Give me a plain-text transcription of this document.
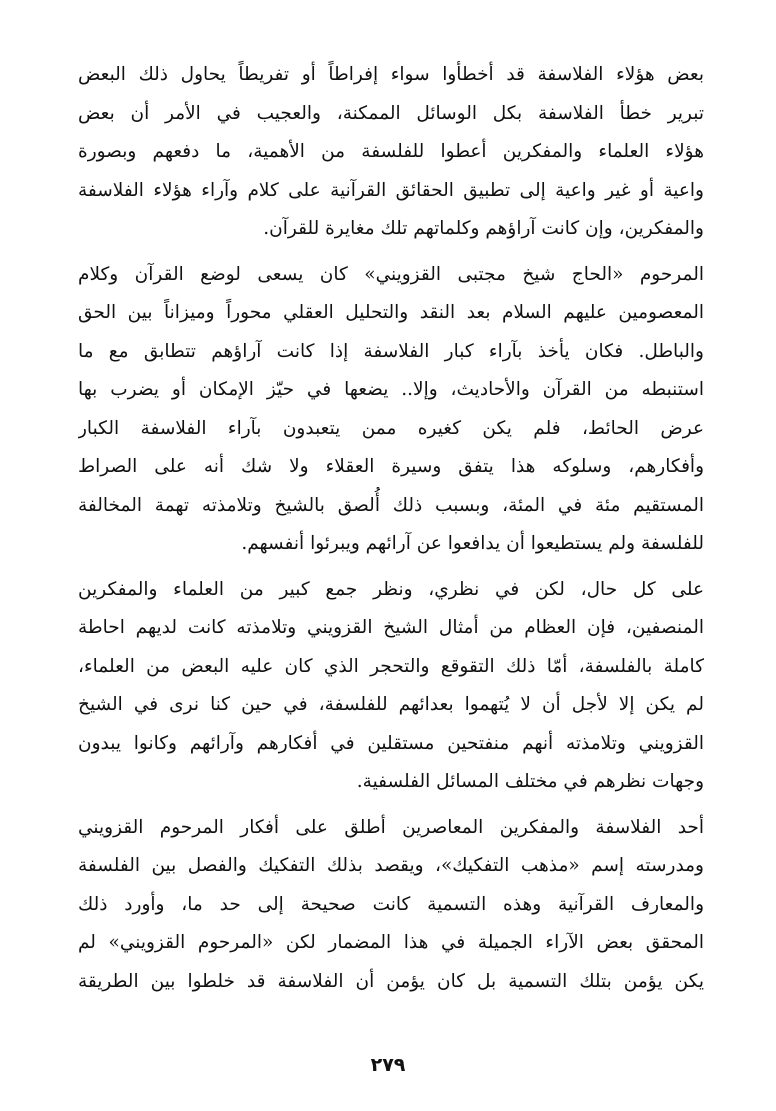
بعض هؤلاء الفلاسفة قد أخطأوا سواء إفراطاً أو تفريطاً يحاول ذلك البعض
تبرير خطأ الفلاسفة بكل الوسائل الممكنة، والعجيب في الأمر أن بعض
هؤلاء العلماء والمفكرين أعطوا للفلسفة من الأهمية، ما دفعهم وبصورة
واعية أو غير واعية إلى تطبيق الحقائق القرآنية على كلام وآراء هؤلاء الفلاسفة
والمفكرين، وإن كانت آراؤهم وكلماتهم تلك مغايرة للقرآن.
المرحوم «الحاج شيخ مجتبى القزويني» كان يسعى لوضع القرآن وكلام
المعصومين عليهم السلام بعد النقد والتحليل العقلي محوراً وميزاناً بين الحق
والباطل. فكان يأخذ بآراء كبار الفلاسفة إذا كانت آراؤهم تتطابق مع ما
استنبطه من القرآن والأحاديث، وإلا.. يضعها في حيّز الإمكان أو يضرب بها
عرض الحائط، فلم يكن كغيره ممن يتعبدون بآراء الفلاسفة الكبار
وأفكارهم، وسلوكه هذا يتفق وسيرة العقلاء ولا شك أنه على الصراط
المستقيم مئة في المئة، وبسبب ذلك أُلصق بالشيخ وتلامذته تهمة المخالفة
للفلسفة ولم يستطيعوا أن يدافعوا عن آرائهم ويبرئوا أنفسهم.
على كل حال، لكن في نظري، ونظر جمع كبير من العلماء والمفكرين
المنصفين، فإن العظام من أمثال الشيخ القزويني وتلامذته كانت لديهم احاطة
كاملة بالفلسفة، أمّا ذلك التقوقع والتحجر الذي كان عليه البعض من العلماء،
لم يكن إلا لأجل أن لا يُتهموا بعدائهم للفلسفة، في حين كنا نرى في الشيخ
القزويني وتلامذته أنهم منفتحين مستقلين في أفكارهم وآرائهم وكانوا يبدون
وجهات نظرهم في مختلف المسائل الفلسفية.
أحد الفلاسفة والمفكرين المعاصرين أطلق على أفكار المرحوم القزويني
ومدرسته إسم «مذهب التفكيك»، ويقصد بذلك التفكيك والفصل بين الفلسفة
والمعارف القرآنية وهذه التسمية كانت صحيحة إلى حد ما، وأورد ذلك
المحقق بعض الآراء الجميلة في هذا المضمار لكن «المرحوم القزويني» لم
يكن يؤمن بتلك التسمية بل كان يؤمن أن الفلاسفة قد خلطوا بين الطريقة
٢٧٩
